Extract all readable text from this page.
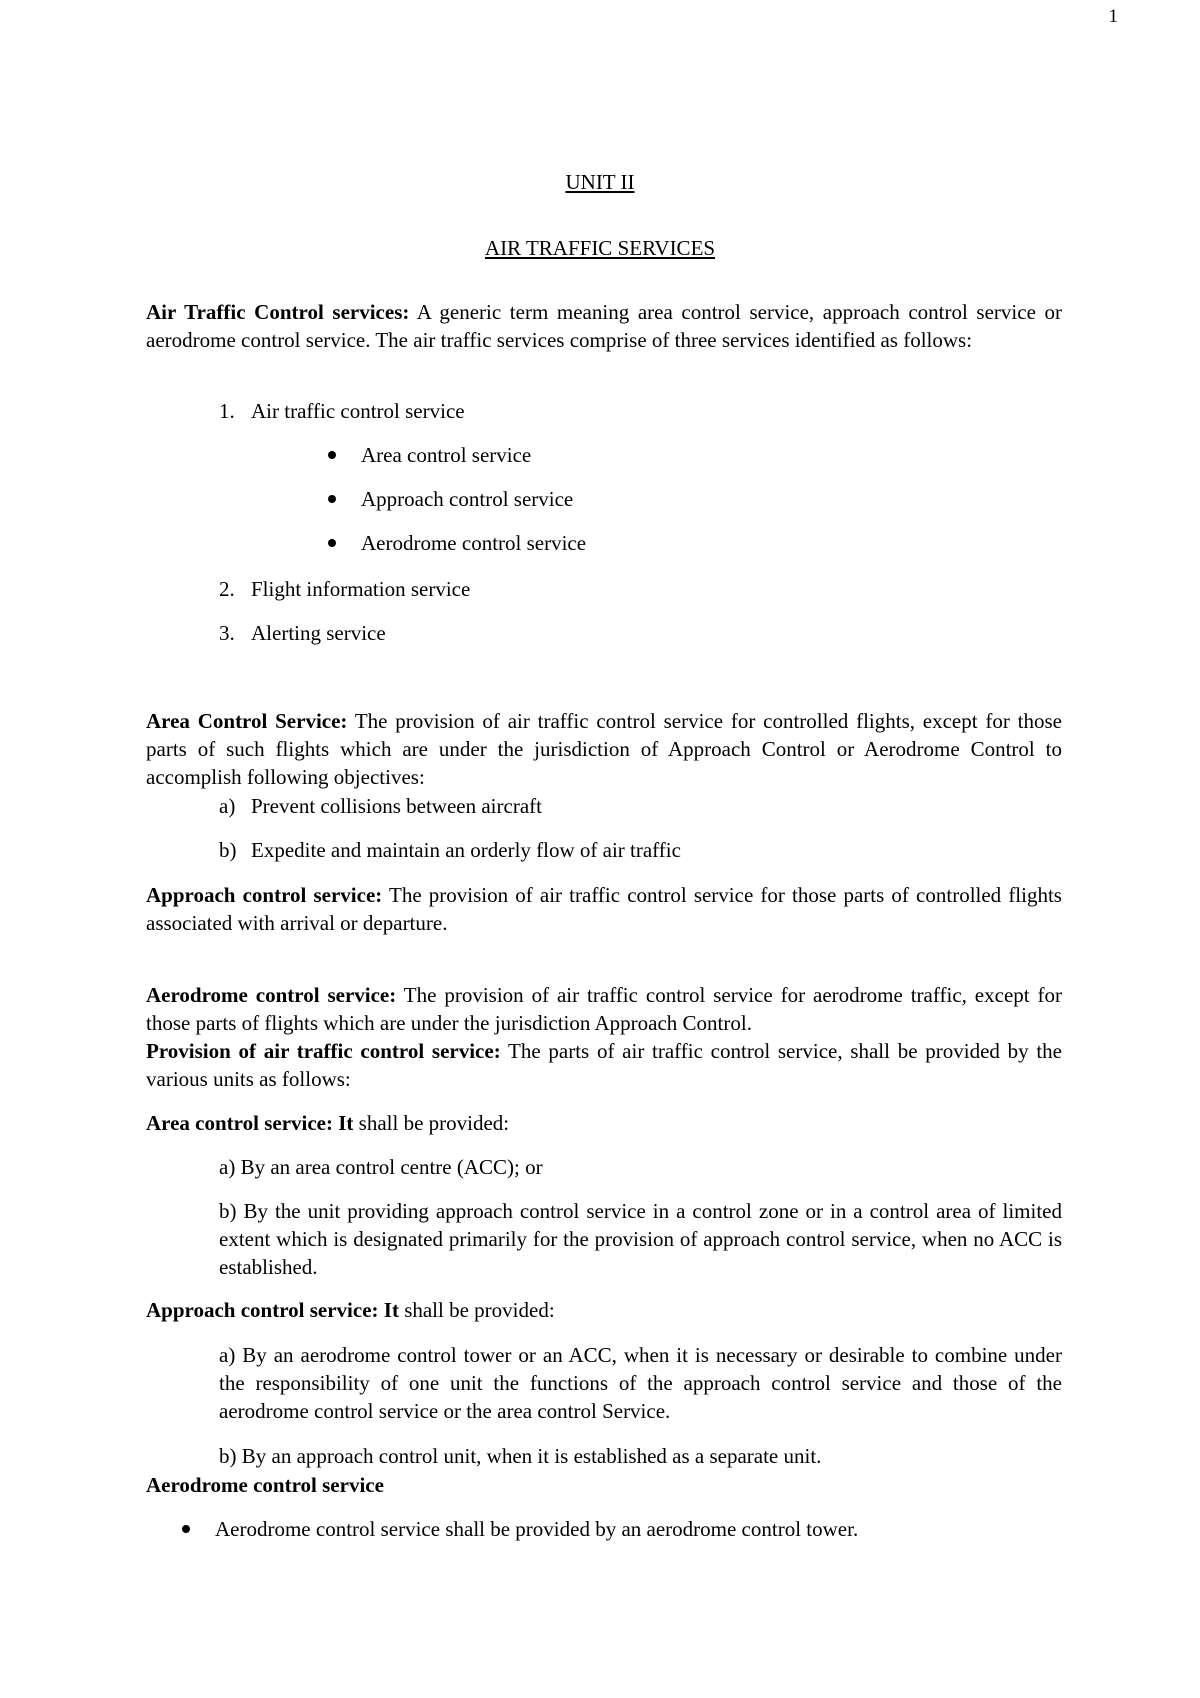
1
UNIT II
AIR TRAFFIC SERVICES
Air Traffic Control services: A generic term meaning area control service, approach control service or aerodrome control service. The air traffic services comprise of three services identified as follows:
1. Air traffic control service
Area control service
Approach control service
Aerodrome control service
2. Flight information service
3. Alerting service
Area Control Service: The provision of air traffic control service for controlled flights, except for those parts of such flights which are under the jurisdiction of Approach Control or Aerodrome Control to accomplish following objectives:
a) Prevent collisions between aircraft
b) Expedite and maintain an orderly flow of air traffic
Approach control service: The provision of air traffic control service for those parts of controlled flights associated with arrival or departure.
Aerodrome control service: The provision of air traffic control service for aerodrome traffic, except for those parts of flights which are under the jurisdiction Approach Control.
Provision of air traffic control service: The parts of air traffic control service, shall be provided by the various units as follows:
Area control service: It shall be provided:
a) By an area control centre (ACC); or
b) By the unit providing approach control service in a control zone or in a control area of limited extent which is designated primarily for the provision of approach control service, when no ACC is established.
Approach control service: It shall be provided:
a) By an aerodrome control tower or an ACC, when it is necessary or desirable to combine under the responsibility of one unit the functions of the approach control service and those of the aerodrome control service or the area control Service.
b) By an approach control unit, when it is established as a separate unit.
Aerodrome control service
Aerodrome control service shall be provided by an aerodrome control tower.
